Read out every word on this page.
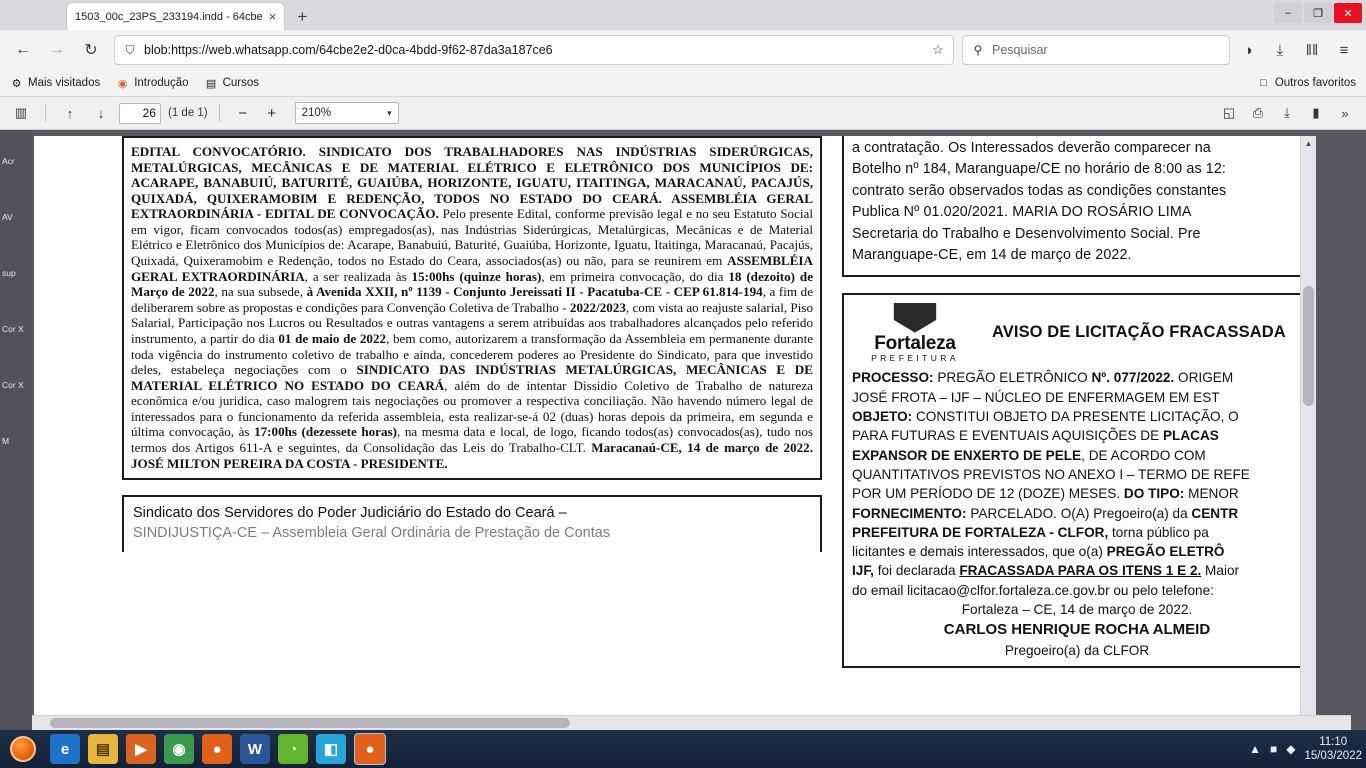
1503_00c_23PS_233194.indd - 64cbe × +	–	❐	✕
←	→	↻	⛉ blob:https://web.whatsapp.com/64cbe2e2-d0ca-4bdd-9f62-87da3a187ce6	☆ ⚲ Pesquisar	◑	⤓	‖‖	≡
⚙ Mais visitados ◉ Introdução ▤ Cursos	□ Outros favoritos
▥	↑	↓	26	(1 de 1)	−	+	210%	▾	◱	⎙	⤓	▮	»
Acr
AV
sup
Cor X
Cor X
M
EDITAL CONVOCATÓRIO. SINDICATO DOS TRABALHADORES NAS INDÚSTRIAS SIDERÚRGICAS, METALÚRGICAS, MECÂNICAS E DE MATERIAL ELÉTRICO E ELETRÔNICO DOS MUNICÍPIOS DE: ACARAPE, BANABUIÚ, BATURITÉ, GUAIÚBA, HORIZONTE, IGUATU, ITAITINGA, MARACANAÚ, PACAJÚS, QUIXADÁ, QUIXERAMOBIM E REDENÇÃO, TODOS NO ESTADO DO CEARÁ. ASSEMBLÉIA GERAL EXTRAORDINÁRIA - EDITAL DE CONVOCAÇÃO. Pelo presente Edital, conforme previsão legal e no seu Estatuto Social em vigor, ficam convocados todos(as) empregados(as), nas Indústrias Siderúrgicas, Metalúrgicas, Mecânicas e de Material Elétrico e Eletrônico dos Municípios de: Acarape, Banabuiú, Baturité, Guaiúba, Horizonte, Iguatu, Itaitinga, Maracanaú, Pacajús, Quixadá, Quixeramobim e Redenção, todos no Estado do Ceara, associados(as) ou não, para se reunirem em ASSEMBLÉIA GERAL EXTRAORDINÁRIA, a ser realizada às 15:00hs (quinze horas), em primeira convocação, do dia 18 (dezoito) de Março de 2022, na sua subsede, à Avenida XXII, nº 1139 - Conjunto Jereissati II - Pacatuba-CE - CEP 61.814-194, a fim de deliberarem sobre as propostas e condições para Convenção Coletiva de Trabalho - 2022/2023, com vista ao reajuste salarial, Piso Salarial, Participação nos Lucros ou Resultados e outras vantagens a serem atribuídas aos trabalhadores alcançados pelo referido instrumento, a partir do dia 01 de maio de 2022, bem como, autorizarem a transformação da Assembleia em permanente durante toda vigência do instrumento coletivo de trabalho e ainda, concederem poderes ao Presidente do Sindicato, para que investido deles, estabeleça negociações com o SINDICATO DAS INDÚSTRIAS METALÚRGICAS, MECÂNICAS E DE MATERIAL ELÉTRICO NO ESTADO DO CEARÁ, além do de intentar Dissidio Coletivo de Trabalho de natureza econômica e/ou juridica, caso malogrem tais negociações ou promover a respectiva conciliação. Não havendo número legal de interessados para o funcionamento da referida assembleia, esta realizar-se-á 02 (duas) horas depois da primeira, em segunda e última convocação, às 17:00hs (dezessete horas), na mesma data e local, de logo, ficando todos(as) convocados(as), tudo nos termos dos Artigos 611-A e seguintes, da Consolidação das Leis do Trabalho-CLT. Maracanaú-CE, 14 de março de 2022. JOSÉ MILTON PEREIRA DA COSTA - PRESIDENTE.
Sindicato dos Servidores do Poder Judiciário do Estado do Ceará –
SINDIJUSTIÇA-CE – Assembleia Geral Ordinária de Prestação de Contas
a contratação. Os Interessados deverão comparecer na
Botelho nº 184, Maranguape/CE no horário de 8:00 as 12:
contrato serão observados todas as condições constantes
Publica Nº 01.020/2021. MARIA DO ROSÁRIO LIMA
Secretaria do Trabalho e Desenvolvimento Social. Pre
Maranguape-CE, em 14 de março de 2022.
Fortaleza
PREFEITURA
AVISO DE LICITAÇÃO FRACASSADA
PROCESSO: PREGÃO ELETRÔNICO Nº. 077/2022. ORIGEM
JOSÉ FROTA – IJF – NÚCLEO DE ENFERMAGEM EM EST
OBJETO: CONSTITUI OBJETO DA PRESENTE LICITAÇÃO, O
PARA FUTURAS E EVENTUAIS AQUISIÇÕES DE PLACAS
EXPANSOR DE ENXERTO DE PELE, DE ACORDO COM
QUANTITATIVOS PREVISTOS NO ANEXO I – TERMO DE REFE
POR UM PERÍODO DE 12 (DOZE) MESES. DO TIPO: MENOR
FORNECIMENTO: PARCELADO. O(A) Pregoeiro(a) da CENTR
PREFEITURA DE FORTALEZA - CLFOR, torna público pa
licitantes e demais interessados, que o(a) PREGÃO ELETRÔ
IJF, foi declarada FRACASSADA PARA OS ITENS 1 E 2. Maior
do email licitacao@clfor.fortaleza.ce.gov.br ou pelo telefone:
Fortaleza – CE, 14 de março de 2022.
CARLOS HENRIQUE ROCHA ALMEID
Pregoeiro(a) da CLFOR
▲
e	▤	▶	◉	●	W	◔	◧	●	▲ ■ ◆
11:10
15/03/2022
